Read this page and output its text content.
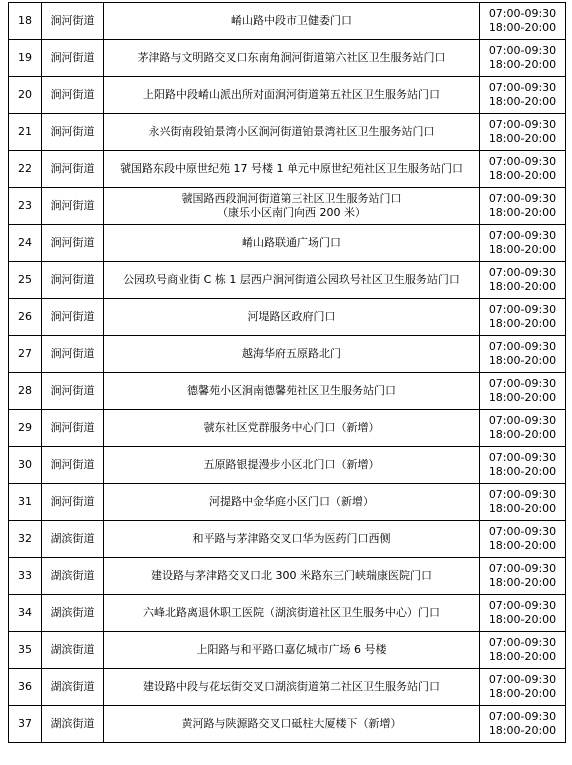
18	涧河街道	崤山路中段市卫健委门口	07:00-09:30
18:00-20:00

19	涧河街道	茅津路与文明路交叉口东南角涧河街道第六社区卫生服务站门口	07:00-09:30
18:00-20:00

20	涧河街道	上阳路中段崤山派出所对面涧河街道第五社区卫生服务站门口	07:00-09:30
18:00-20:00

21	涧河街道	永兴街南段铂景湾小区涧河街道铂景湾社区卫生服务站门口	07:00-09:30
18:00-20:00

22	涧河街道	虢国路东段中原世纪苑 17 号楼 1 单元中原世纪苑社区卫生服务站门口	07:00-09:30
18:00-20:00

23	涧河街道	虢国路西段涧河街道第三社区卫生服务站门口
（康乐小区南门向西 200 米）	07:00-09:30
18:00-20:00

24	涧河街道	崤山路联通广场门口	07:00-09:30
18:00-20:00

25	涧河街道	公园玖号商业街 C 栋 1 层西户涧河街道公园玖号社区卫生服务站门口	07:00-09:30
18:00-20:00

26	涧河街道	河堤路区政府门口	07:00-09:30
18:00-20:00

27	涧河街道	越海华府五原路北门	07:00-09:30
18:00-20:00

28	涧河街道	德馨苑小区涧南德馨苑社区卫生服务站门口	07:00-09:30
18:00-20:00

29	涧河街道	虢东社区党群服务中心门口（新增）	07:00-09:30
18:00-20:00

30	涧河街道	五原路银提漫步小区北门口（新增）	07:00-09:30
18:00-20:00

31	涧河街道	河提路中金华庭小区门口（新增）	07:00-09:30
18:00-20:00

32	湖滨街道	和平路与茅津路交叉口华为医药门口西侧	07:00-09:30
18:00-20:00

33	湖滨街道	建设路与茅津路交叉口北 300 米路东三门峡瑞康医院门口	07:00-09:30
18:00-20:00

34	湖滨街道	六峰北路离退休职工医院（湖滨街道社区卫生服务中心）门口	07:00-09:30
18:00-20:00

35	湖滨街道	上阳路与和平路口嘉亿城市广场 6 号楼	07:00-09:30
18:00-20:00

36	湖滨街道	建设路中段与花坛街交叉口湖滨街道第二社区卫生服务站门口	07:00-09:30
18:00-20:00

37	湖滨街道	黄河路与陕源路交叉口砥柱大厦楼下（新增）	07:00-09:30
18:00-20:00
